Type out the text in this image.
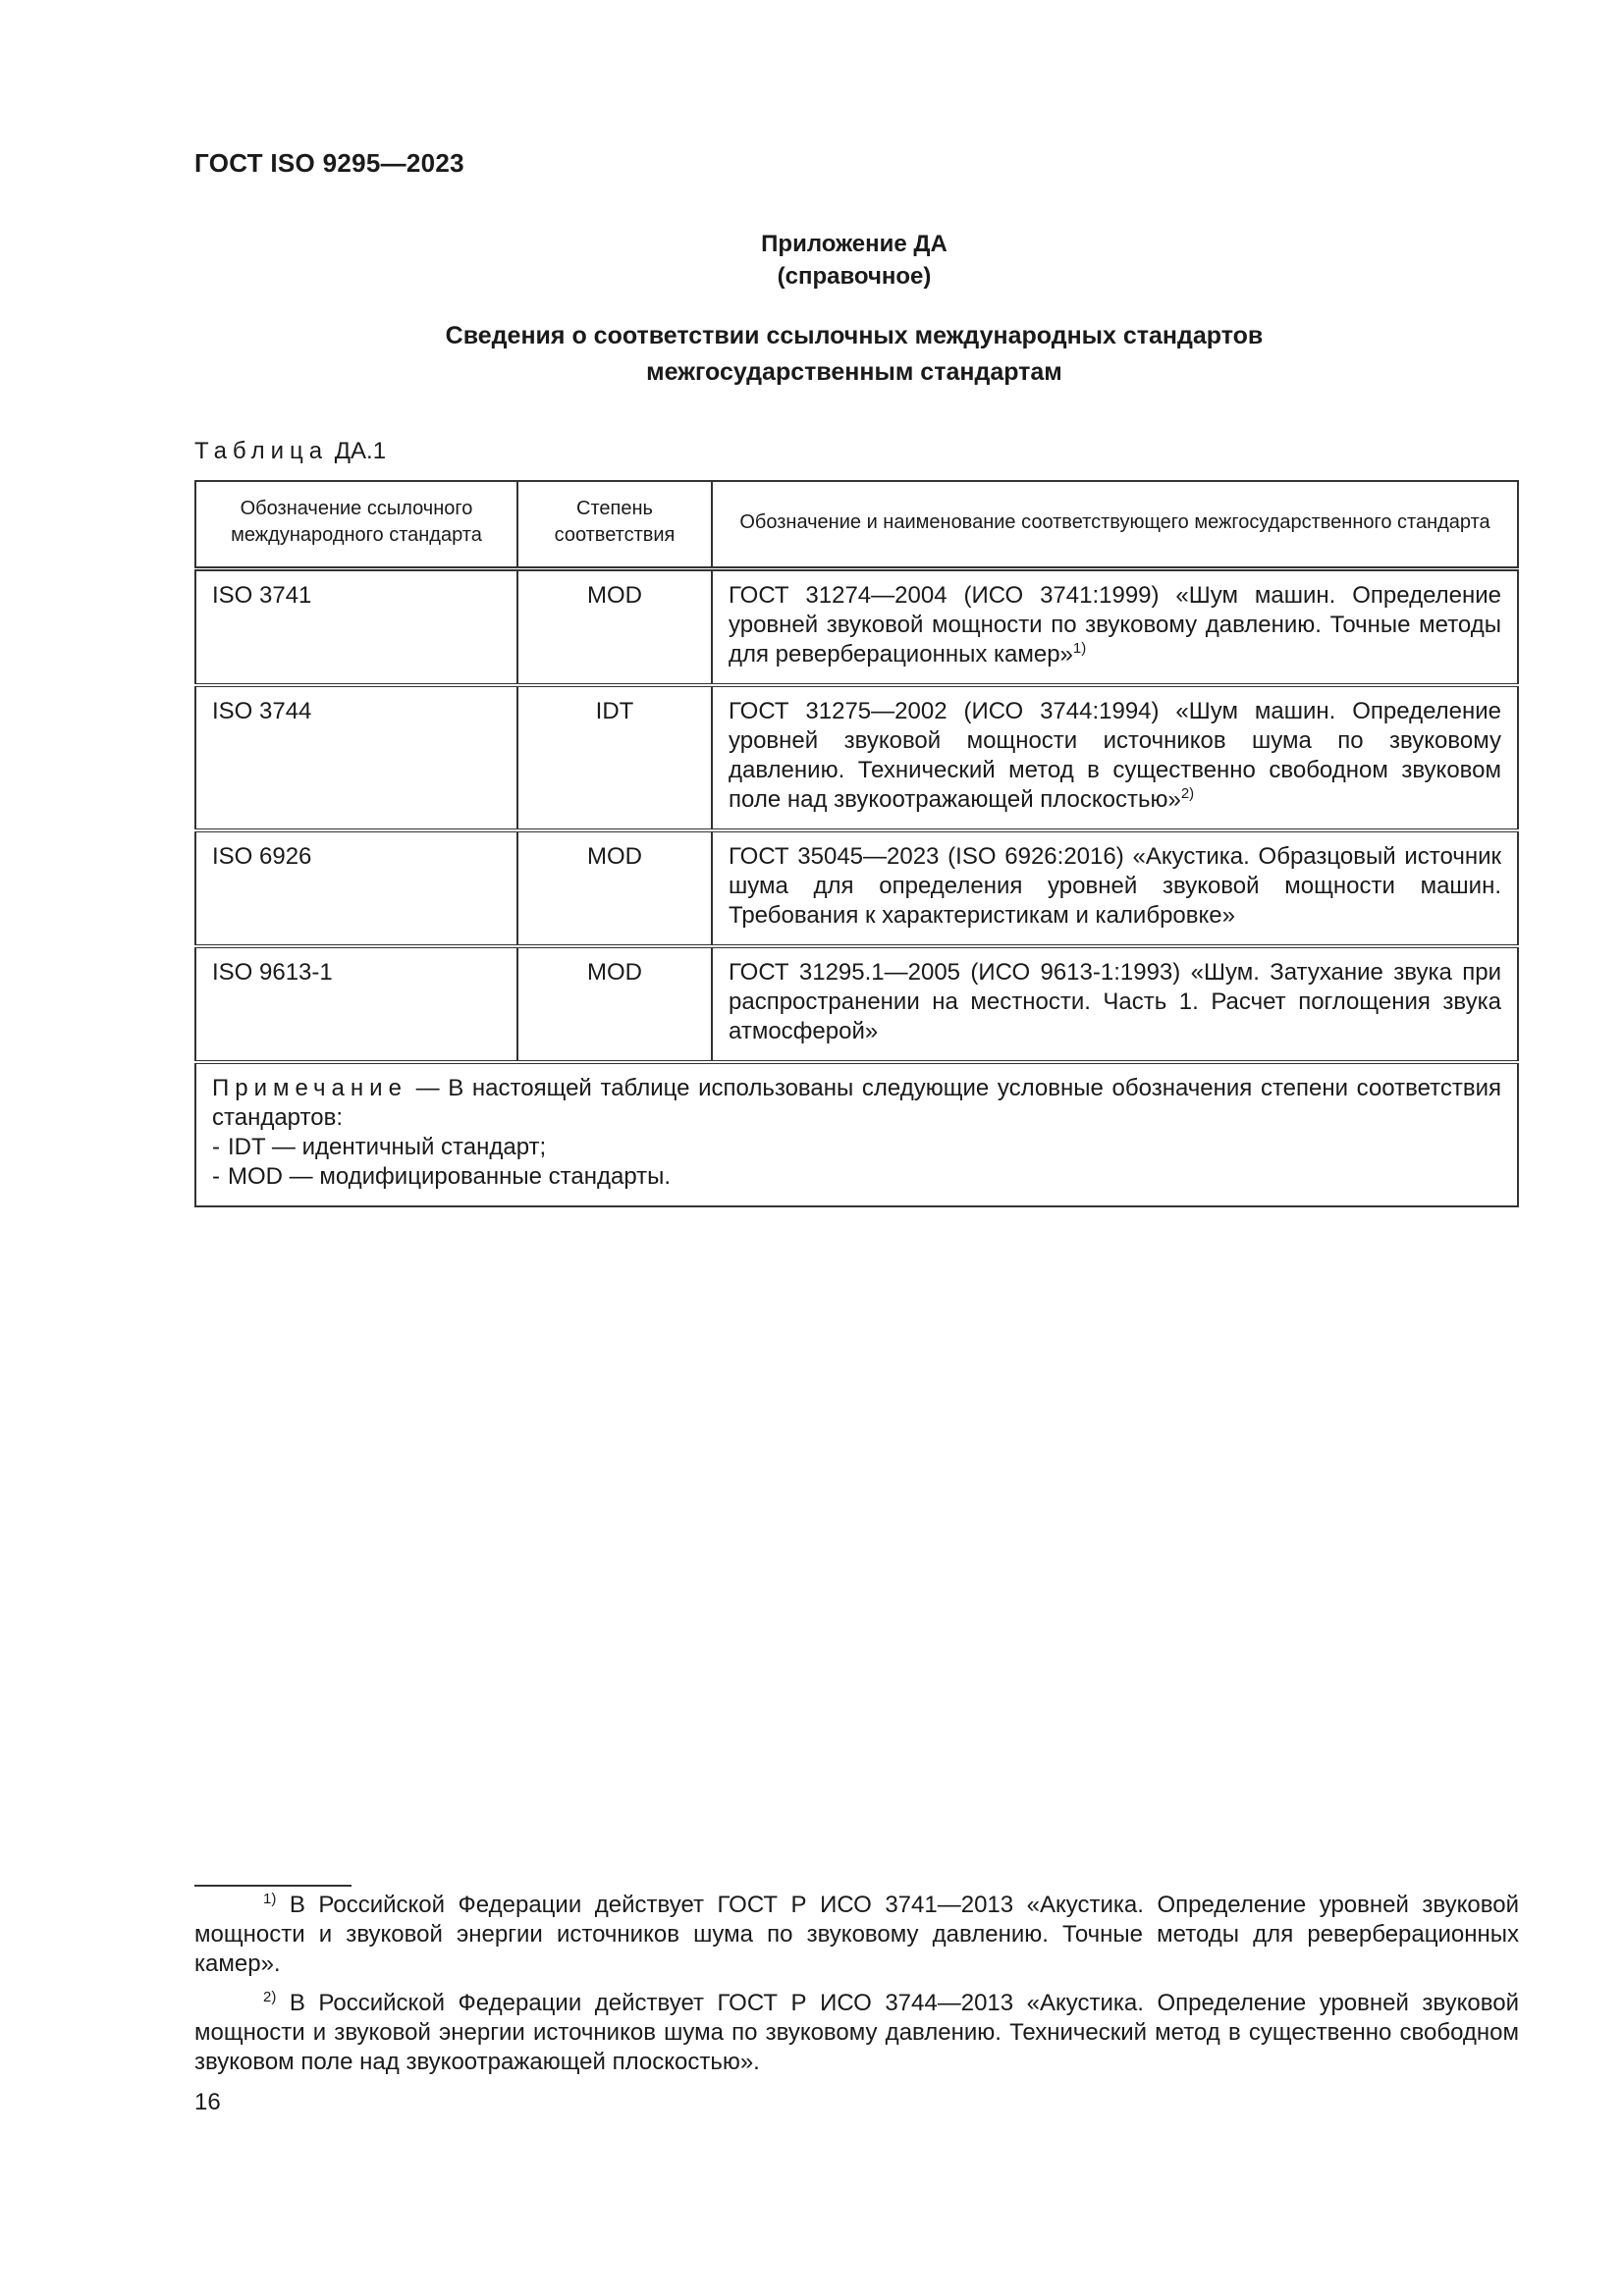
ГОСТ ISO 9295—2023
Приложение ДА
(справочное)
Сведения о соответствии ссылочных международных стандартов
межгосударственным стандартам
Таблица ДА.1
Обозначение ссылочного международного стандарта	Степень соответствия	Обозначение и наименование соответствующего межгосударственного стандарта
ISO 3741	MOD	ГОСТ 31274—2004 (ИСО 3741:1999) «Шум машин. Определение уровней звуковой мощности по звуковому давлению. Точные методы для реверберационных камер»$^{1)}$
ISO 3744	IDT	ГОСТ 31275—2002 (ИСО 3744:1994) «Шум машин. Определение уровней звуковой мощности источников шума по звуковому давлению. Технический метод в существенно свободном звуковом поле над звукоотражающей плоскостью»$^{2)}$
ISO 6926	MOD	ГОСТ 35045—2023 (ISO 6926:2016) «Акустика. Образцовый источник шума для определения уровней звуковой мощности машин. Требования к характеристикам и калибровке»
ISO 9613-1	MOD	ГОСТ 31295.1—2005 (ИСО 9613-1:1993) «Шум. Затухание звука при распространении на местности. Часть 1. Расчет поглощения звука атмосферой»
Примечание — В настоящей таблице использованы следующие условные обозначения степени соответствия стандартов:
- IDT — идентичный стандарт;
- MOD — модифицированные стандарты.		
$^{1)}$ В Российской Федерации действует ГОСТ Р ИСО 3741—2013 «Акустика. Определение уровней звуковой мощности и звуковой энергии источников шума по звуковому давлению. Точные методы для реверберационных камер».
$^{2)}$ В Российской Федерации действует ГОСТ Р ИСО 3744—2013 «Акустика. Определение уровней звуковой мощности и звуковой энергии источников шума по звуковому давлению. Технический метод в существенно свободном звуковом поле над звукоотражающей плоскостью».
16
